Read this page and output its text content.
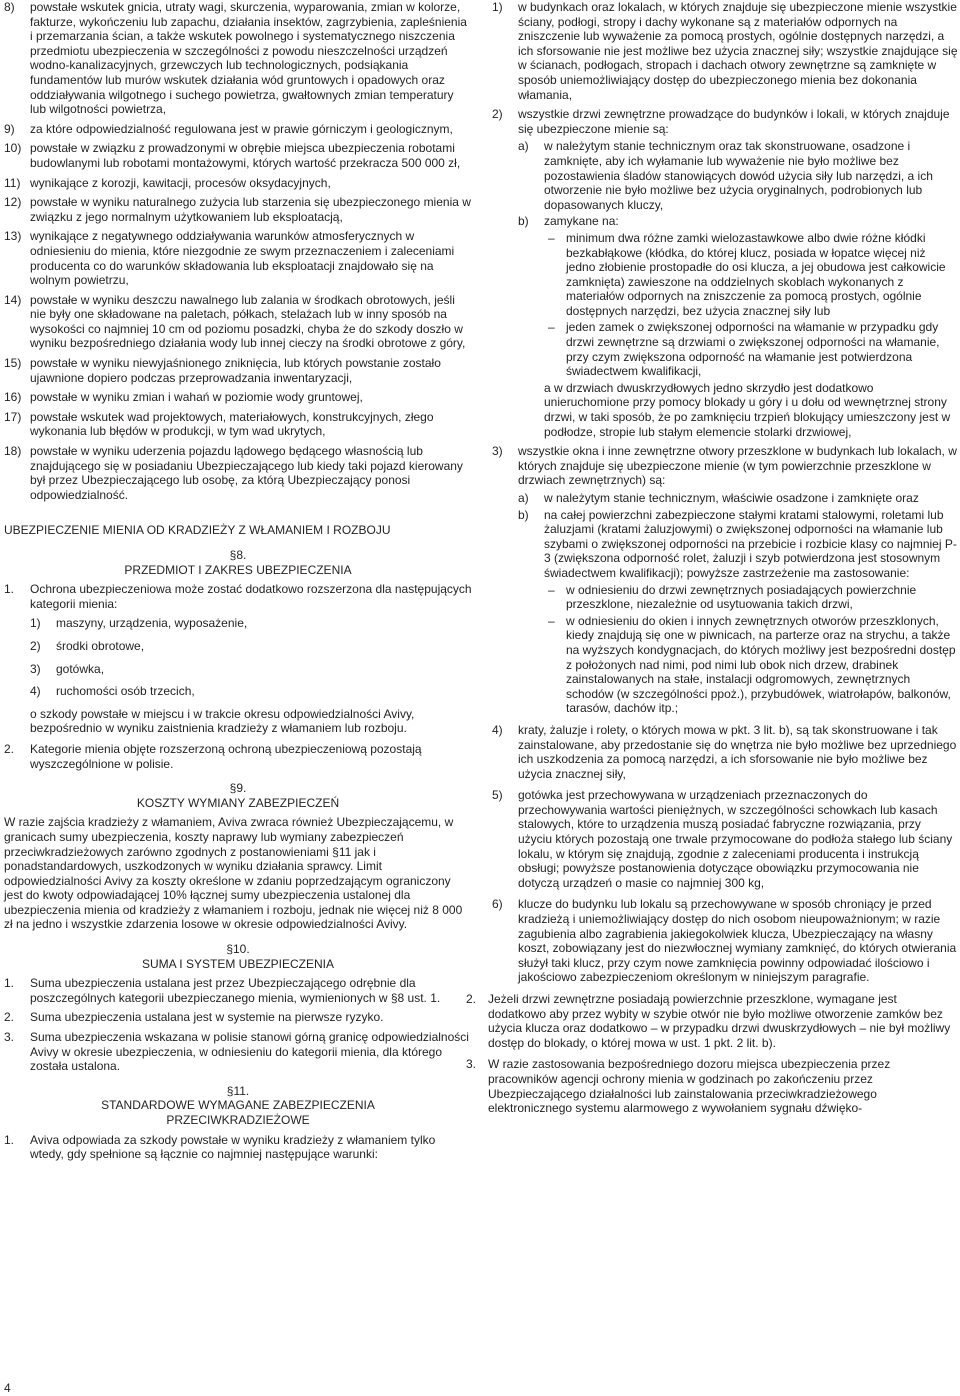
8) powstałe wskutek gnicia, utraty wagi, skurczenia, wyparowania, zmian w kolorze, fakturze, wykończeniu lub zapachu, działania insektów, zagrzybienia, zapleśnienia i przemarzania ścian, a także wskutek powolnego i systematycznego niszczenia przedmiotu ubezpieczenia w szczególności z powodu nieszczelności urządzeń wodno-kanalizacyjnych, grzewczych lub technologicznych, podsiąkania fundamentów lub murów wskutek działania wód gruntowych i opadowych oraz oddziaływania wilgotnego i suchego powietrza, gwałtownych zmian temperatury lub wilgotności powietrza,
9) za które odpowiedzialność regulowana jest w prawie górniczym i geologicznym,
10) powstałe w związku z prowadzonymi w obrębie miejsca ubezpieczenia robotami budowlanymi lub robotami montażowymi, których wartość przekracza 500 000 zł,
11) wynikające z korozji, kawitacji, procesów oksydacyjnych,
12) powstałe w wyniku naturalnego zużycia lub starzenia się ubezpieczonego mienia w związku z jego normalnym użytkowaniem lub eksploatacją,
13) wynikające z negatywnego oddziaływania warunków atmosferycznych w odniesieniu do mienia, które niezgodnie ze swym przeznaczeniem i zaleceniami producenta co do warunków składowania lub eksploatacji znajdowało się na wolnym powietrzu,
14) powstałe w wyniku deszczu nawalnego lub zalania w środkach obrotowych, jeśli nie były one składowane na paletach, półkach, stelażach lub w inny sposób na wysokości co najmniej 10 cm od poziomu posadzki, chyba że do szkody doszło w wyniku bezpośredniego działania wody lub innej cieczy na środki obrotowe z góry,
15) powstałe w wyniku niewyjaśnionego zniknięcia, lub których powstanie zostało ujawnione dopiero podczas przeprowadzania inwentaryzacji,
16) powstałe w wyniku zmian i wahań w poziomie wody gruntowej,
17) powstałe wskutek wad projektowych, materiałowych, konstrukcyjnych, złego wykonania lub błędów w produkcji, w tym wad ukrytych,
18) powstałe w wyniku uderzenia pojazdu lądowego będącego własnością lub znajdującego się w posiadaniu Ubezpieczającego lub kiedy taki pojazd kierowany był przez Ubezpieczającego lub osobę, za którą Ubezpieczający ponosi odpowiedzialność.

UBEZPIECZENIE MIENIA OD KRADZIEŻY Z WŁAMANIEM I ROZBOJU

§8.

PRZEDMIOT I ZAKRES UBEZPIECZENIA

1. Ochrona ubezpieczeniowa może zostać dodatkowo rozszerzona dla następujących kategorii mienia:
1) maszyny, urządzenia, wyposażenie,
2) środki obrotowe,
3) gotówka,
4) ruchomości osób trzecich,

o szkody powstałe w miejscu i w trakcie okresu odpowiedzialności Avivy, bezpośrednio w wyniku zaistnienia kradzieży z włamaniem lub rozboju.

2. Kategorie mienia objęte rozszerzoną ochroną ubezpieczeniową pozostają wyszczególnione w polisie.

§9.

KOSZTY WYMIANY ZABEZPIECZEŃ

W razie zajścia kradzieży z włamaniem, Aviva zwraca również Ubezpieczającemu, w granicach sumy ubezpieczenia, koszty naprawy lub wymiany zabezpieczeń przeciwkradzieżowych zarówno zgodnych z postanowieniami §11 jak i ponadstandardowych, uszkodzonych w wyniku działania sprawcy. Limit odpowiedzialności Avivy za koszty określone w zdaniu poprzedzającym ograniczony jest do kwoty odpowiadającej 10% łącznej sumy ubezpieczenia ustalonej dla ubezpieczenia mienia od kradzieży z włamaniem i rozboju, jednak nie więcej niż 8 000 zł na jedno i wszystkie zdarzenia losowe w okresie odpowiedzialności Avivy.

§10.

SUMA I SYSTEM UBEZPIECZENIA

1. Suma ubezpieczenia ustalana jest przez Ubezpieczającego odrębnie dla poszczególnych kategorii ubezpieczanego mienia, wymienionych w §8 ust. 1.
2. Suma ubezpieczenia ustalana jest w systemie na pierwsze ryzyko.
3. Suma ubezpieczenia wskazana w polisie stanowi górną granicę odpowiedzialności Avivy w okresie ubezpieczenia, w odniesieniu do kategorii mienia, dla którego została ustalona.

§11.

STANDARDOWE WYMAGANE ZABEZPIECZENIA

PRZECIWKRADZIEŻOWE

1. Aviva odpowiada za szkody powstałe w wyniku kradzieży z włamaniem tylko wtedy, gdy spełnione są łącznie co najmniej następujące warunki:
1) w budynkach oraz lokalach, w których znajduje się ubezpieczone mienie wszystkie ściany, podłogi, stropy i dachy wykonane są z materiałów odpornych na zniszczenie lub wyważenie za pomocą prostych, ogólnie dostępnych narzędzi, a ich sforsowanie nie jest możliwe bez użycia znacznej siły; wszystkie znajdujące się w ścianach, podłogach, stropach i dachach otwory zewnętrzne są zamknięte w sposób uniemożliwiający dostęp do ubezpieczonego mienia bez dokonania włamania,
2) wszystkie drzwi zewnętrzne prowadzące do budynków i lokali, w których znajduje się ubezpieczone mienie są:
a) w należytym stanie technicznym oraz tak skonstruowane, osadzone i zamknięte, aby ich wyłamanie lub wyważenie nie było możliwe bez pozostawienia śladów stanowiących dowód użycia siły lub narzędzi, a ich otworzenie nie było możliwe bez użycia oryginalnych, podrobionych lub dopasowanych kluczy,
b) zamykane na:
– minimum dwa różne zamki wielozastawkowe albo dwie różne kłódki bezkabłąkowe (kłódka, do której klucz, posiada w łopatce więcej niż jedno złobienie prostopadłe do osi klucza, a jej obudowa jest całkowicie zamknięta) zawieszone na oddzielnych skoblach wykonanych z materiałów odpornych na zniszczenie za pomocą prostych, ogólnie dostępnych narzędzi, bez użycia znacznej siły lub
– jeden zamek o zwiększonej odporności na włamanie w przypadku gdy drzwi zewnętrzne są drzwiami o zwiększonej odporności na włamanie, przy czym zwiększona odporność na włamanie jest potwierdzona świadectwem kwalifikacji,

a w drzwiach dwuskrzydłowych jedno skrzydło jest dodatkowo unieruchomione przy pomocy blokady u góry i u dołu od wewnętrznej strony drzwi, w taki sposób, że po zamknięciu trzpień blokujący umieszczony jest w podłodze, stropie lub stałym elemencie stolarki drzwiowej,

3) wszystkie okna i inne zewnętrzne otwory przeszklone w budynkach lub lokalach, w których znajduje się ubezpieczone mienie (w tym powierzchnie przeszklone w drzwiach zewnętrznych) są:
a) w należytym stanie technicznym, właściwie osadzone i zamknięte oraz
b) na całej powierzchni zabezpieczone stałymi kratami stalowymi, roletami lub żaluzjami (kratami żaluzjowymi) o zwiększonej odporności na włamanie lub szybami o zwiększonej odporności na przebicie i rozbicie klasy co najmniej P-3 (zwiększona odporność rolet, żaluzji i szyb potwierdzona jest stosownym świadectwem kwalifikacji); powyższe zastrzeżenie ma zastosowanie:
– w odniesieniu do drzwi zewnętrznych posiadających powierzchnie przeszklone, niezależnie od usytuowania takich drzwi,
– w odniesieniu do okien i innych zewnętrznych otworów przeszklonych, kiedy znajdują się one w piwnicach, na parterze oraz na strychu, a także na wyższych kondygnacjach, do których możliwy jest bezpośredni dostęp z położonych nad nimi, pod nimi lub obok nich drzew, drabinek zainstalowanych na stałe, instalacji odgromowych, zewnętrznych schodów (w szczególności ppoż.), przybudówek, wiatrołapów, balkonów, tarasów, dachów itp.;
4) kraty, żaluzje i rolety, o których mowa w pkt. 3 lit. b), są tak skonstruowane i tak zainstalowane, aby przedostanie się do wnętrza nie było możliwe bez uprzedniego ich uszkodzenia za pomocą narzędzi, a ich sforsowanie nie było możliwe bez użycia znacznej siły,
5) gotówka jest przechowywana w urządzeniach przeznaczonych do przechowywania wartości pieniężnych, w szczególności schowkach lub kasach stalowych, które to urządzenia muszą posiadać fabryczne rozwiązania, przy użyciu których pozostają one trwale przymocowane do podłoża stałego lub ściany lokalu, w którym się znajdują, zgodnie z zaleceniami producenta i instrukcją obsługi; powyższe postanowienia dotyczące obowiązku przymocowania nie dotyczą urządzeń o masie co najmniej 300 kg,
6) klucze do budynku lub lokalu są przechowywane w sposób chroniący je przed kradzieżą i uniemożliwiający dostęp do nich osobom nieupoważnionym; w razie zagubienia albo zagrabienia jakiegokolwiek klucza, Ubezpieczający na własny koszt, zobowiązany jest do niezwłocznej wymiany zamknięć, do których otwierania służył taki klucz, przy czym nowe zamknięcia powinny odpowiadać ilościowo i jakościowo zabezpieczeniom określonym w niniejszym paragrafie.
2. Jeżeli drzwi zewnętrzne posiadają powierzchnie przeszklone, wymagane jest dodatkowo aby przez wybity w szybie otwór nie było możliwe otworzenie zamków bez użycia klucza oraz dodatkowo – w przypadku drzwi dwuskrzydłowych – nie był możliwy dostęp do blokady, o której mowa w ust. 1 pkt. 2 lit. b).
3. W razie zastosowania bezpośredniego dozoru miejsca ubezpieczenia przez pracowników agencji ochrony mienia w godzinach po zakończeniu przez Ubezpieczającego działalności lub zainstalowania przeciwkradzieżowego elektronicznego systemu alarmowego z wywołaniem sygnału dźwięko-
4
